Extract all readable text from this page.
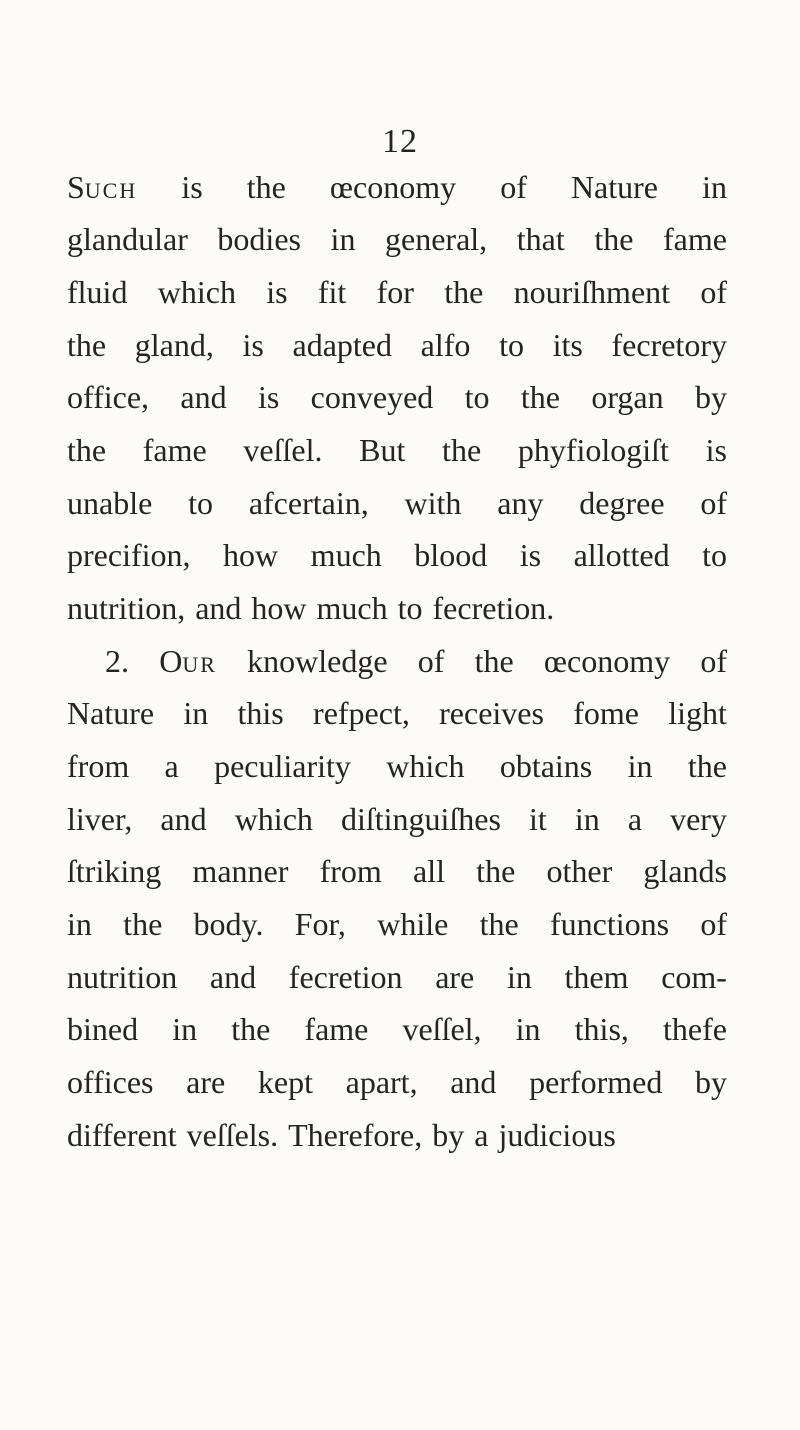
12
Such is the œconomy of Nature in
glandular bodies in general, that the fame
fluid which is fit for the nouriſhment of
the gland, is adapted alfo to its fecretory
office, and is conveyed to the organ by
the fame veſſel. But the phyfiologiſt is
unable to afcertain, with any degree of
precifion, how much blood is allotted to
nutrition, and how much to fecretion.
2. Our knowledge of the œconomy of
Nature in this refpect, receives fome light
from a peculiarity which obtains in the
liver, and which diſtinguiſhes it in a very
ſtriking manner from all the other glands
in the body. For, while the functions of
nutrition and fecretion are in them com-
bined in the fame veſſel, in this, thefe
offices are kept apart, and performed by
different veſſels. Therefore, by a judicious
